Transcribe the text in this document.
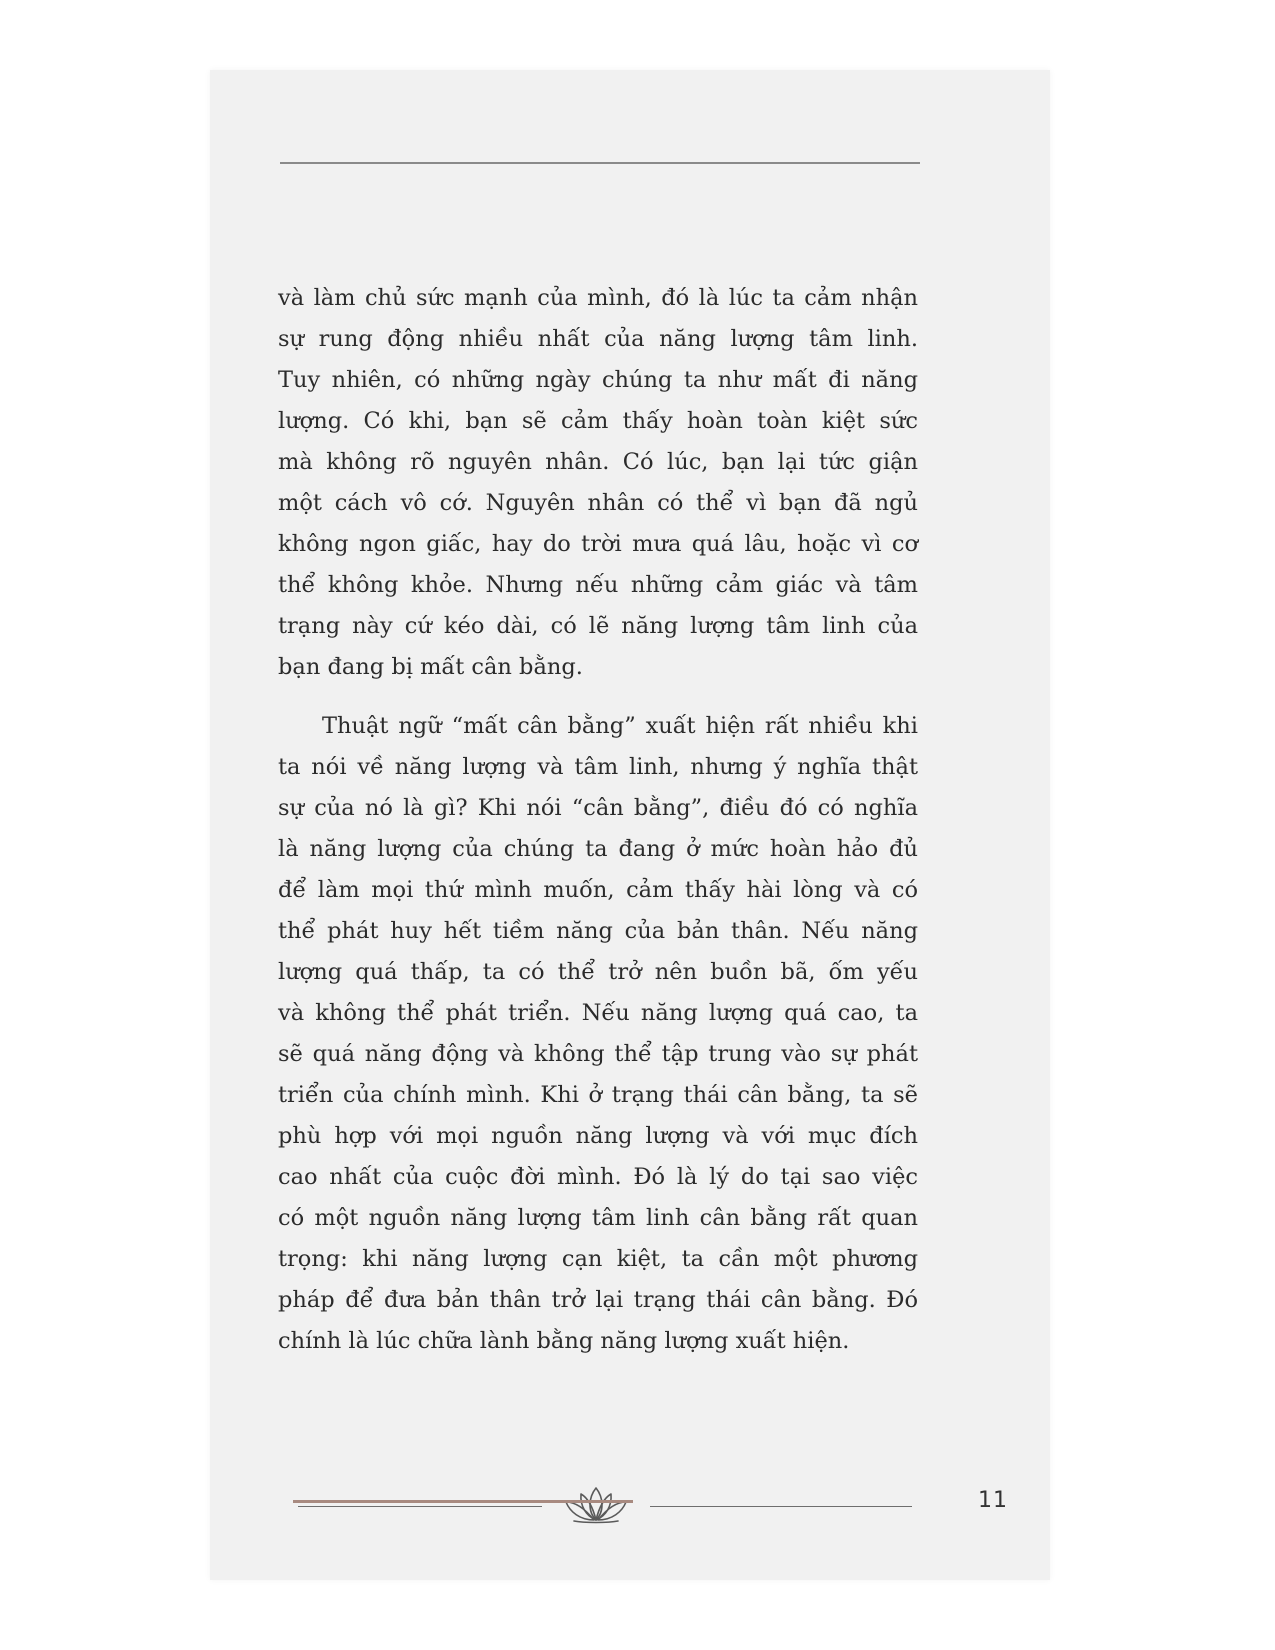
và làm chủ sức mạnh của mình, đó là lúc ta cảm nhận
sự rung động nhiều nhất của năng lượng tâm linh.
Tuy nhiên, có những ngày chúng ta như mất đi năng
lượng. Có khi, bạn sẽ cảm thấy hoàn toàn kiệt sức
mà không rõ nguyên nhân. Có lúc, bạn lại tức giận
một cách vô cớ. Nguyên nhân có thể vì bạn đã ngủ
không ngon giấc, hay do trời mưa quá lâu, hoặc vì cơ
thể không khỏe. Nhưng nếu những cảm giác và tâm
trạng này cứ kéo dài, có lẽ năng lượng tâm linh của
bạn đang bị mất cân bằng.

Thuật ngữ “mất cân bằng” xuất hiện rất nhiều khi
ta nói về năng lượng và tâm linh, nhưng ý nghĩa thật
sự của nó là gì? Khi nói “cân bằng”, điều đó có nghĩa
là năng lượng của chúng ta đang ở mức hoàn hảo đủ
để làm mọi thứ mình muốn, cảm thấy hài lòng và có
thể phát huy hết tiềm năng của bản thân. Nếu năng
lượng quá thấp, ta có thể trở nên buồn bã, ốm yếu
và không thể phát triển. Nếu năng lượng quá cao, ta
sẽ quá năng động và không thể tập trung vào sự phát
triển của chính mình. Khi ở trạng thái cân bằng, ta sẽ
phù hợp với mọi nguồn năng lượng và với mục đích
cao nhất của cuộc đời mình. Đó là lý do tại sao việc
có một nguồn năng lượng tâm linh cân bằng rất quan
trọng: khi năng lượng cạn kiệt, ta cần một phương
pháp để đưa bản thân trở lại trạng thái cân bằng. Đó
chính là lúc chữa lành bằng năng lượng xuất hiện.

11
